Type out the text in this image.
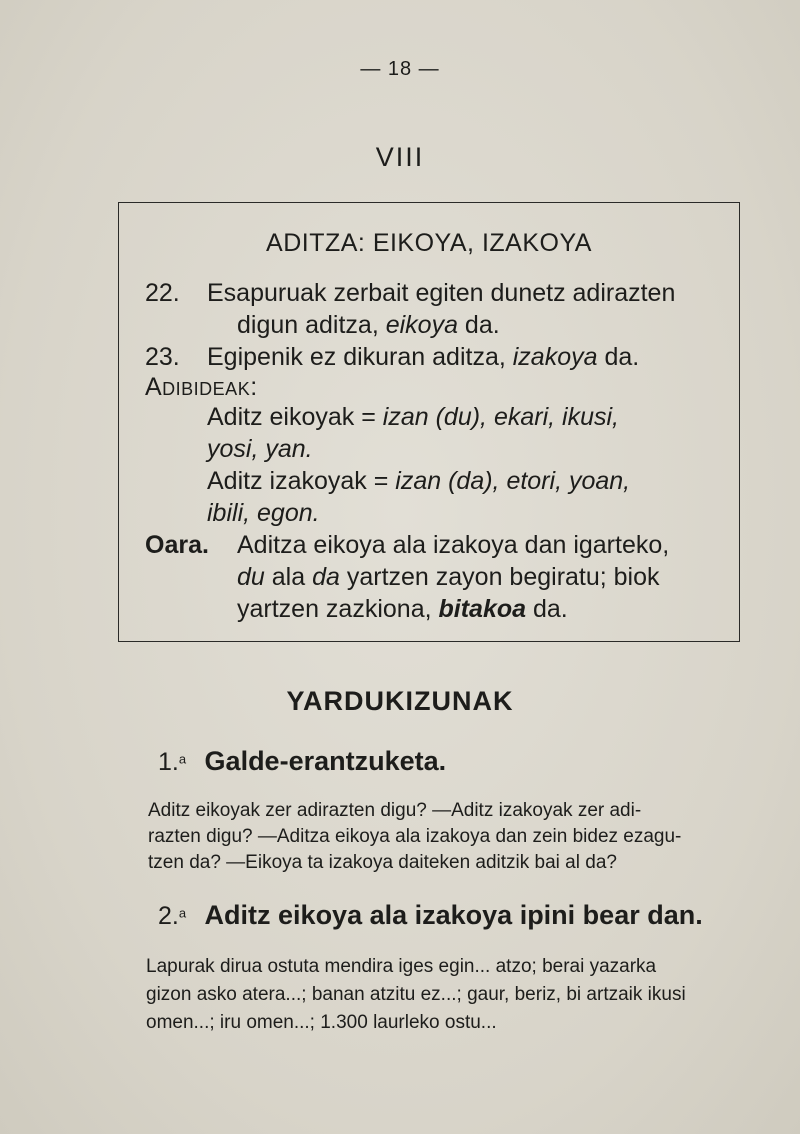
— 18 —
VIII
ADITZA: EIKOYA, IZAKOYA
22. Esapuruak zerbait egiten dunetz adirazten
digun aditza, eikoya da.
23. Egipenik ez dikuran aditza, izakoya da.
Adibideak:
Aditz eikoyak = izan (du), ekari, ikusi,
yosi, yan.
Aditz izakoyak = izan (da), etori, yoan,
ibili, egon.
Oara. Aditza eikoya ala izakoya dan igarteko,
du ala da yartzen zayon begiratu; biok
yartzen zazkiona, bitakoa da.
YARDUKIZUNAK
1.$^a$ Galde-erantzuketa.
Aditz eikoyak zer adirazten digu? —Aditz izakoyak zer adi-
razten digu? —Aditza eikoya ala izakoya dan zein bidez ezagu-
tzen da? —Eikoya ta izakoya daiteken aditzik bai al da?
2.$^a$ Aditz eikoya ala izakoya ipini bear dan.
Lapurak dirua ostuta mendira iges egin... atzo; berai yazarka
gizon asko atera...; banan atzitu ez...; gaur, beriz, bi artzaik ikusi
omen...; iru omen...; 1.300 laurleko ostu...
